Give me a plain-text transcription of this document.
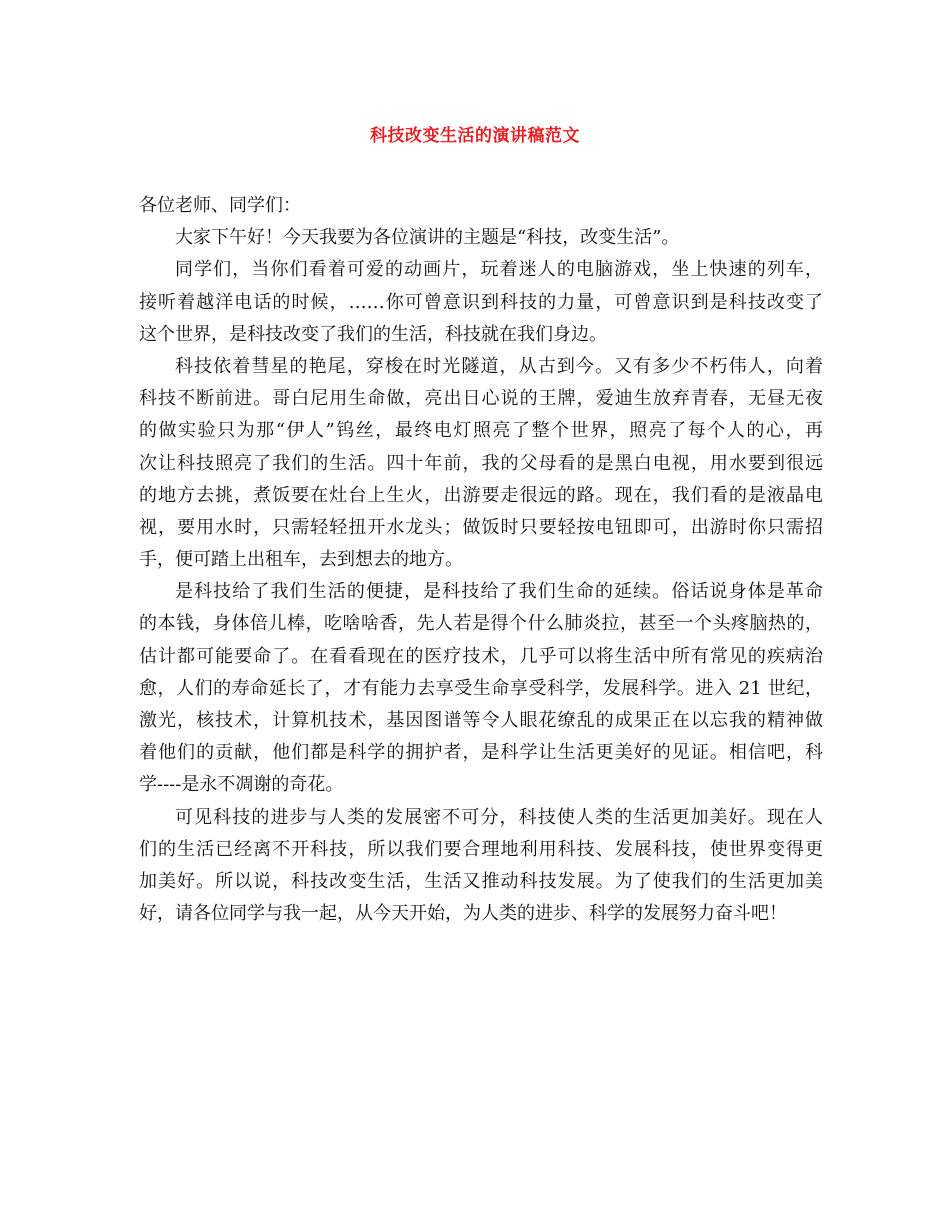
科技改变生活的演讲稿范文
各位老师、同学们：
大家下午好！今天我要为各位演讲的主题是“科技，改变生活”。
同学们，当你们看着可爱的动画片，玩着迷人的电脑游戏，坐上快速的列车，
接听着越洋电话的时候，……你可曾意识到科技的力量，可曾意识到是科技改变了
这个世界，是科技改变了我们的生活，科技就在我们身边。
科技依着彗星的艳尾，穿梭在时光隧道，从古到今。又有多少不朽伟人，向着
科技不断前进。哥白尼用生命做，亮出日心说的王牌，爱迪生放弃青春，无昼无夜
的做实验只为那“伊人”钨丝，最终电灯照亮了整个世界，照亮了每个人的心，再
次让科技照亮了我们的生活。四十年前，我的父母看的是黑白电视，用水要到很远
的地方去挑，煮饭要在灶台上生火，出游要走很远的路。现在，我们看的是液晶电
视，要用水时，只需轻轻扭开水龙头；做饭时只要轻按电钮即可，出游时你只需招
手，便可踏上出租车，去到想去的地方。
是科技给了我们生活的便捷，是科技给了我们生命的延续。俗话说身体是革命
的本钱，身体倍儿棒，吃啥啥香，先人若是得个什么肺炎拉，甚至一个头疼脑热的，
估计都可能要命了。在看看现在的医疗技术，几乎可以将生活中所有常见的疾病治
愈，人们的寿命延长了，才有能力去享受生命享受科学，发展科学。进入 21 世纪，
激光，核技术，计算机技术，基因图谱等令人眼花缭乱的成果正在以忘我的精神做
着他们的贡献，他们都是科学的拥护者，是科学让生活更美好的见证。相信吧，科
学----是永不凋谢的奇花。
可见科技的进步与人类的发展密不可分，科技使人类的生活更加美好。现在人
们的生活已经离不开科技，所以我们要合理地利用科技、发展科技，使世界变得更
加美好。所以说，科技改变生活，生活又推动科技发展。为了使我们的生活更加美
好，请各位同学与我一起，从今天开始，为人类的进步、科学的发展努力奋斗吧！
